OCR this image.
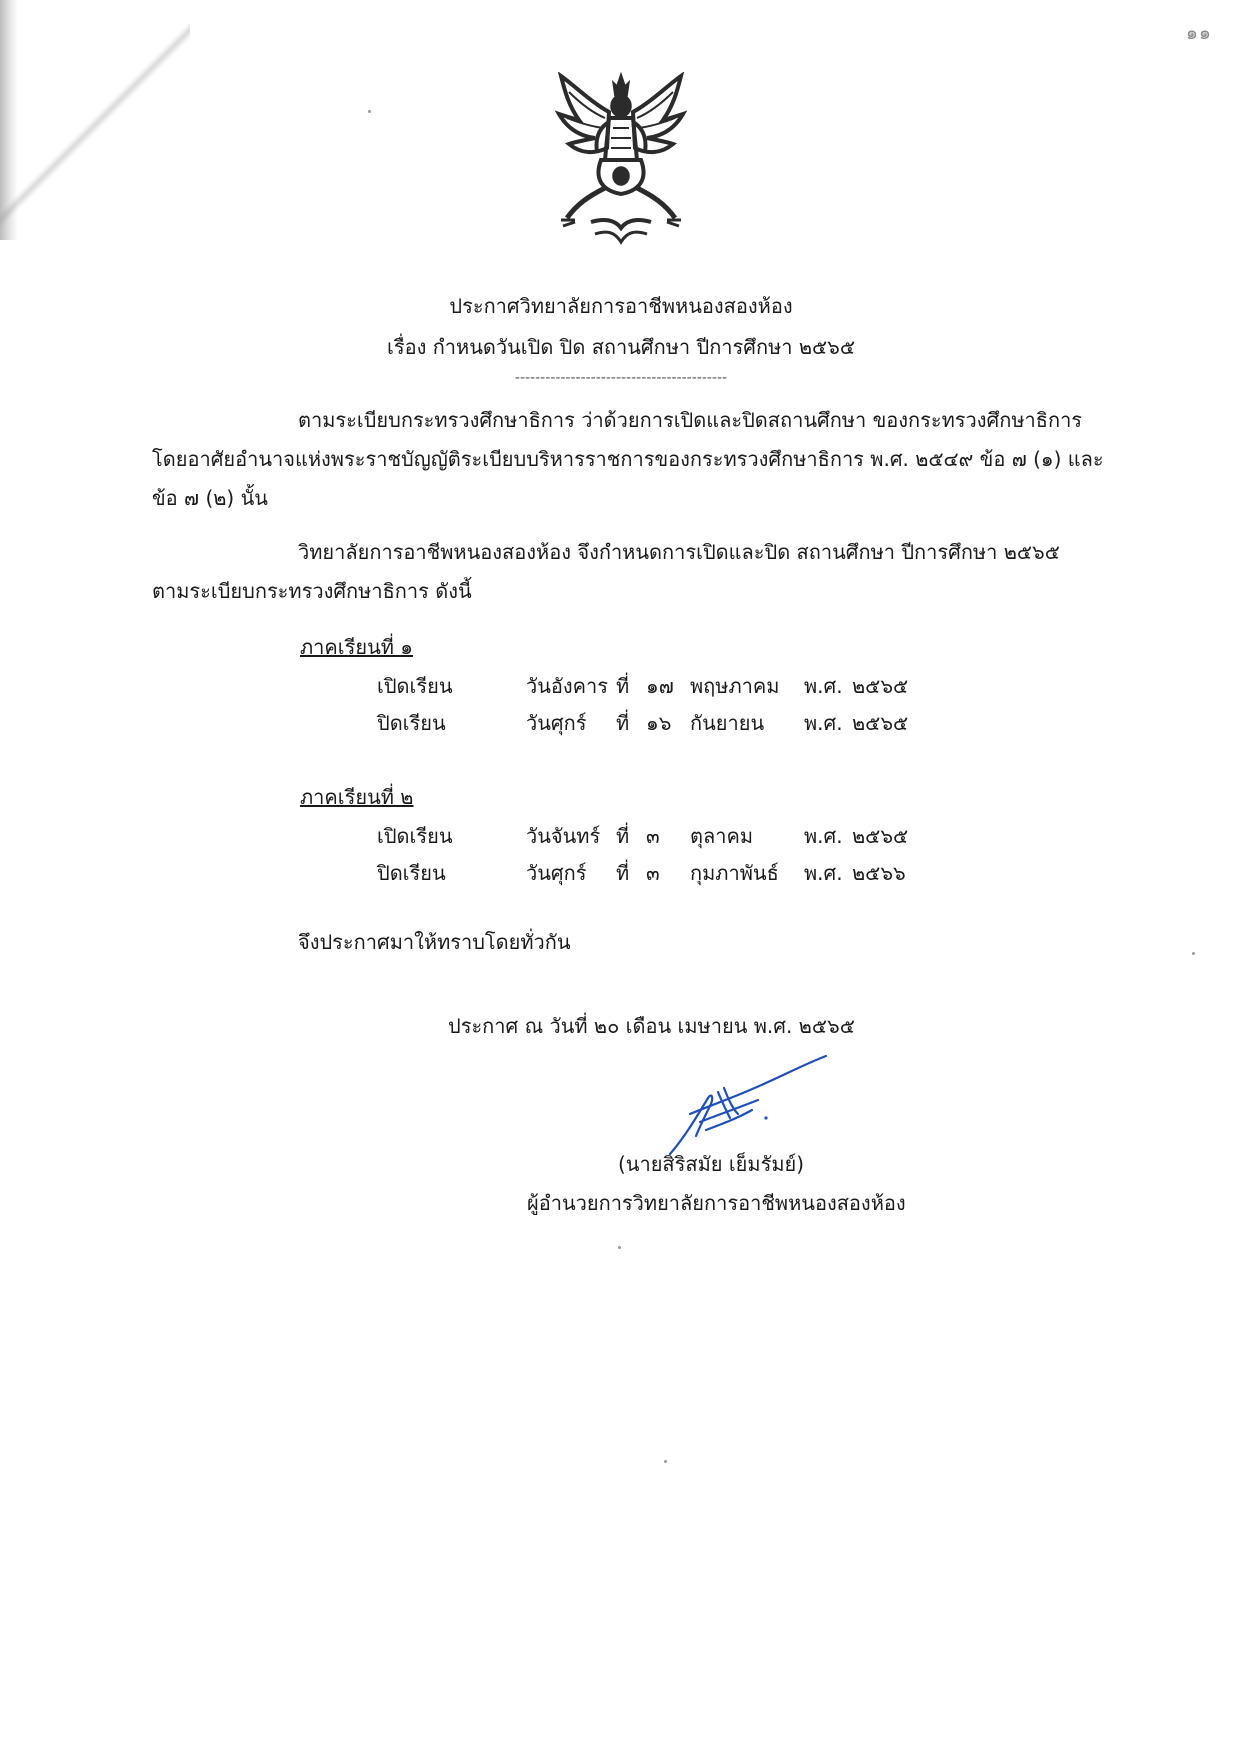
๑๑
ประกาศวิทยาลัยการอาชีพหนองสองห้อง
เรื่อง กำหนดวันเปิด ปิด สถานศึกษา ปีการศึกษา ๒๕๖๕
------------------------------------------
ตามระเบียบกระทรวงศึกษาธิการ ว่าด้วยการเปิดและปิดสถานศึกษา ของกระทรวงศึกษาธิการ
โดยอาศัยอำนาจแห่งพระราชบัญญัติระเบียบบริหารราชการของกระทรวงศึกษาธิการ พ.ศ. ๒๕๔๙ ข้อ ๗ (๑) และ
ข้อ ๗ (๒) นั้น
วิทยาลัยการอาชีพหนองสองห้อง จึงกำหนดการเปิดและปิด สถานศึกษา ปีการศึกษา ๒๕๖๕
ตามระเบียบกระทรวงศึกษาธิการ ดังนี้
ภาคเรียนที่ ๑
เปิดเรียน	วันอังคาร ที่ ๑๗ พฤษภาคม พ.ศ. ๒๕๖๕
ปิดเรียน	วันศุกร์ ที่ ๑๖ กันยายน พ.ศ. ๒๕๖๕
ภาคเรียนที่ ๒
เปิดเรียน	วันจันทร์ ที่ ๓ ตุลาคม	พ.ศ. ๒๕๖๕
ปิดเรียน	วันศุกร์ ที่ ๓ กุมภาพันธ์ พ.ศ. ๒๕๖๖
จึงประกาศมาให้ทราบโดยทั่วกัน
ประกาศ ณ วันที่ ๒๐ เดือน เมษายน พ.ศ. ๒๕๖๕
(นายสิริสมัย เย็มรัมย์)
ผู้อำนวยการวิทยาลัยการอาชีพหนองสองห้อง
